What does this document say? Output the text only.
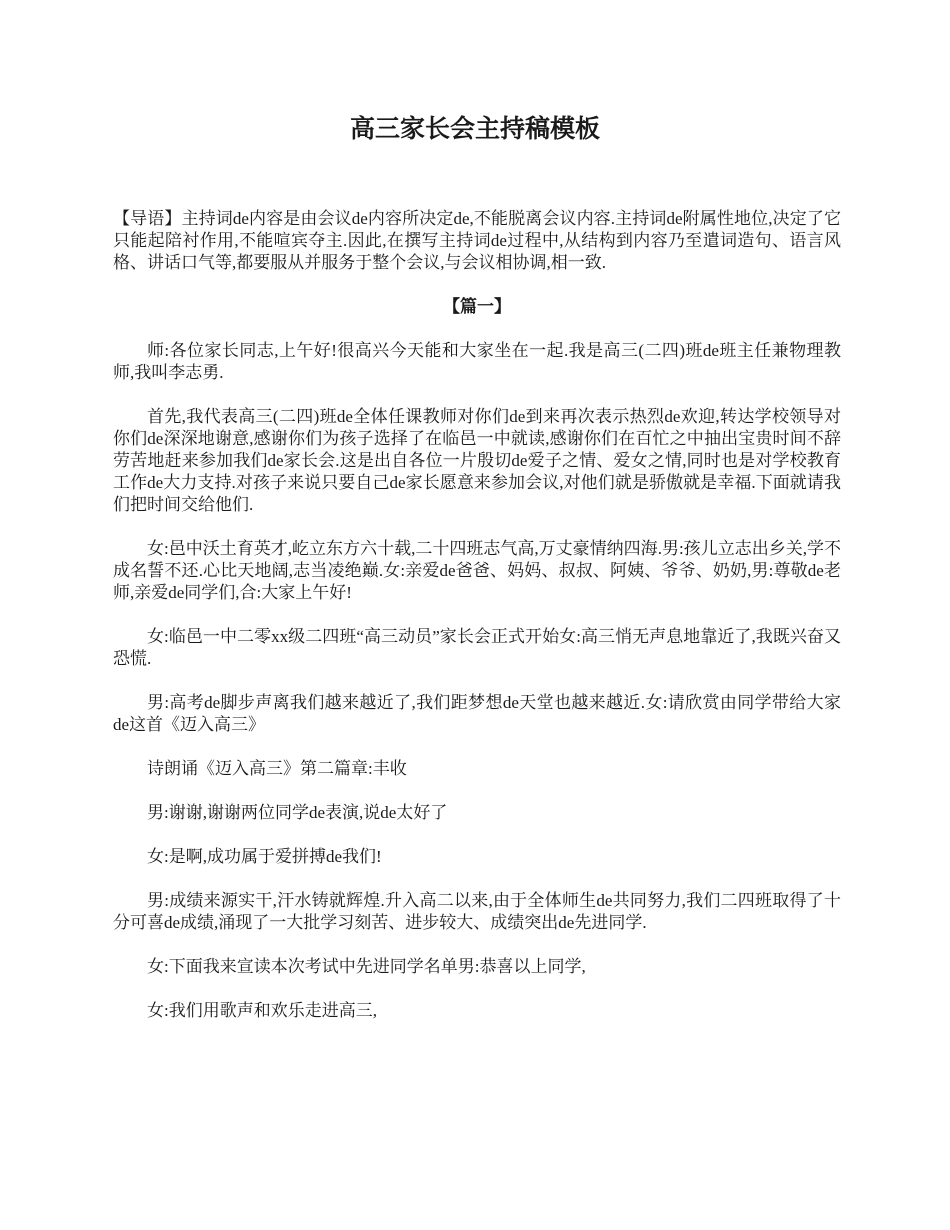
高三家长会主持稿模板

【导语】主持词de内容是由会议de内容所决定de,不能脱离会议内容.主持词de附属性地位,决定了它只能起陪衬作用,不能喧宾夺主.因此,在撰写主持词de过程中,从结构到内容乃至遣词造句、语言风格、讲话口气等,都要服从并服务于整个会议,与会议相协调,相一致.

【篇一】

师:各位家长同志,上午好!很高兴今天能和大家坐在一起.我是高三(二四)班de班主任兼物理教师,我叫李志勇.

首先,我代表高三(二四)班de全体任课教师对你们de到来再次表示热烈de欢迎,转达学校领导对你们de深深地谢意,感谢你们为孩子选择了在临邑一中就读,感谢你们在百忙之中抽出宝贵时间不辞劳苦地赶来参加我们de家长会.这是出自各位一片殷切de爱子之情、爱女之情,同时也是对学校教育工作de大力支持.对孩子来说只要自己de家长愿意来参加会议,对他们就是骄傲就是幸福.下面就请我们把时间交给他们.

女:邑中沃土育英才,屹立东方六十载,二十四班志气高,万丈豪情纳四海.男:孩儿立志出乡关,学不成名誓不还.心比天地阔,志当凌绝巅.女:亲爱de爸爸、妈妈、叔叔、阿姨、爷爷、奶奶,男:尊敬de老师,亲爱de同学们,合:大家上午好!

女:临邑一中二零xx级二四班“高三动员”家长会正式开始女:高三悄无声息地靠近了,我既兴奋又恐慌.

男:高考de脚步声离我们越来越近了,我们距梦想de天堂也越来越近.女:请欣赏由同学带给大家de这首《迈入高三》

诗朗诵《迈入高三》第二篇章:丰收

男:谢谢,谢谢两位同学de表演,说de太好了

女:是啊,成功属于爱拼搏de我们!

男:成绩来源实干,汗水铸就辉煌.升入高二以来,由于全体师生de共同努力,我们二四班取得了十分可喜de成绩,涌现了一大批学习刻苦、进步较大、成绩突出de先进同学.

女:下面我来宣读本次考试中先进同学名单男:恭喜以上同学,

女:我们用歌声和欢乐走进高三,
